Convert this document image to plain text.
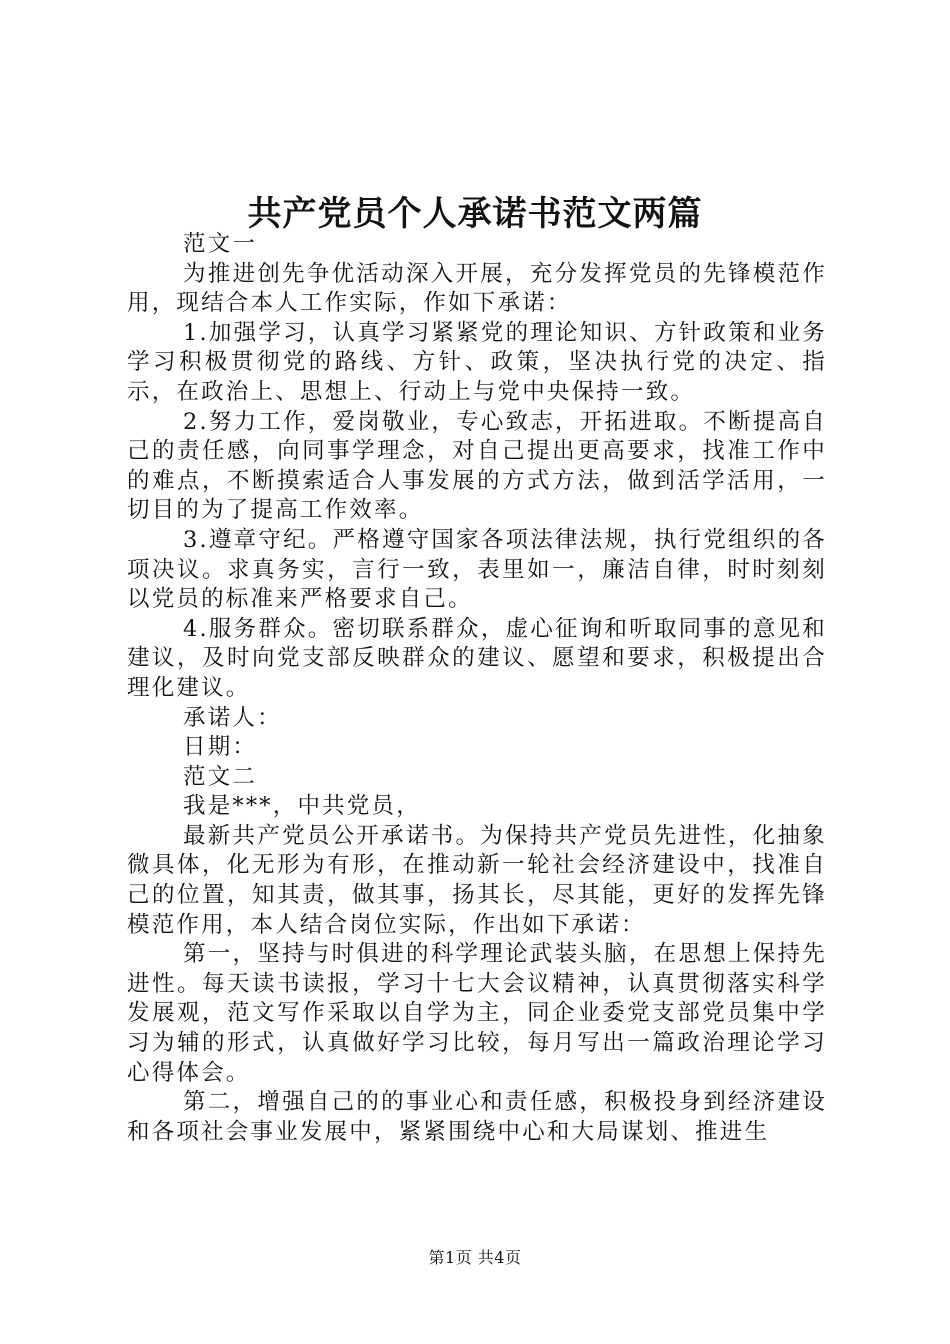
共产党员个人承诺书范文两篇

范文一

为推进创先争优活动深入开展，充分发挥党员的先锋模范作用，现结合本人工作实际，作如下承诺：

1.加强学习，认真学习紧紧党的理论知识、方针政策和业务学习积极贯彻党的路线、方针、政策，坚决执行党的决定、指示，在政治上、思想上、行动上与党中央保持一致。

2.努力工作，爱岗敬业，专心致志，开拓进取。不断提高自己的责任感，向同事学理念，对自己提出更高要求，找准工作中的难点，不断摸索适合人事发展的方式方法，做到活学活用，一切目的为了提高工作效率。

3.遵章守纪。严格遵守国家各项法律法规，执行党组织的各项决议。求真务实，言行一致，表里如一，廉洁自律，时时刻刻以党员的标准来严格要求自己。

4.服务群众。密切联系群众，虚心征询和听取同事的意见和建议，及时向党支部反映群众的建议、愿望和要求，积极提出合理化建议。

承诺人：

日期：

范文二

我是***，中共党员，

最新共产党员公开承诺书。为保持共产党员先进性，化抽象微具体，化无形为有形，在推动新一轮社会经济建设中，找准自己的位置，知其责，做其事，扬其长，尽其能，更好的发挥先锋模范作用，本人结合岗位实际，作出如下承诺：

第一，坚持与时俱进的科学理论武装头脑，在思想上保持先进性。每天读书读报，学习十七大会议精神，认真贯彻落实科学发展观，范文写作采取以自学为主，同企业委党支部党员集中学习为辅的形式，认真做好学习比较，每月写出一篇政治理论学习心得体会。

第二，增强自己的的事业心和责任感，积极投身到经济建设和各项社会事业发展中，紧紧围绕中心和大局谋划、推进生

第1页 共4页
